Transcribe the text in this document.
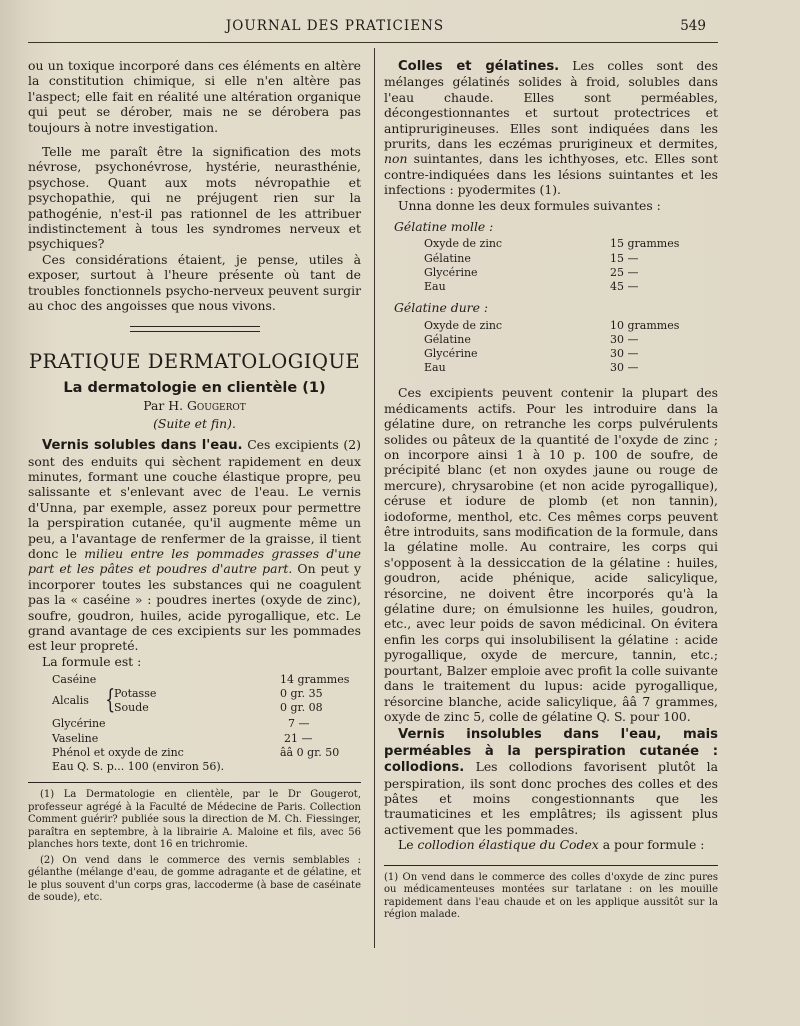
JOURNAL DES PRATICIENS	549

ou un toxique incorporé dans ces éléments en altère la constitution chimique, si elle n'en altère pas l'aspect; elle fait en réalité une altération organique qui peut se dérober, mais ne se dérobera pas toujours à notre investigation.

Telle me paraît être la signification des mots névrose, psychonévrose, hystérie, neurasthénie, psychose. Quant aux mots névropathie et psychopathie, qui ne préjugent rien sur la pathogénie, n'est-il pas rationnel de les attribuer indistinctement à tous les syndromes nerveux et psychiques?

Ces considérations étaient, je pense, utiles à exposer, surtout à l'heure présente où tant de troubles fonctionnels psycho-nerveux peuvent surgir au choc des angoisses que nous vivons.

PRATIQUE DERMATOLOGIQUE
La dermatologie en clientèle (1)
Par H. Gougerot
(Suite et fin).

Vernis solubles dans l'eau. Ces excipients (2) sont des enduits qui sèchent rapidement en deux minutes, formant une couche élastique propre, peu salissante et s'enlevant avec de l'eau. Le vernis d'Unna, par exemple, assez poreux pour permettre la perspiration cutanée, qu'il augmente même un peu, a l'avantage de renfermer de la graisse, il tient donc le milieu entre les pommades grasses d'une part et les pâtes et poudres d'autre part. On peut y incorporer toutes les substances qui ne coagulent pas la « caséine » : poudres inertes (oxyde de zinc), soufre, goudron, huiles, acide pyrogallique, etc. Le grand avantage de ces excipients sur les pommades est leur propreté.

La formule est :

Caséine	14 grammes
Alcalis {
Potasse	0 gr. 35
Soude	0 gr. 08
Glycérine	7 —
Vaseline	21 —
Phénol et oxyde de zinc	ââ 0 gr. 50
Eau Q. S. p... 100 (environ 56).

(1) La Dermatologie en clientèle, par le Dr Gougerot, professeur agrégé à la Faculté de Médecine de Paris. Collection Comment guérir? publiée sous la direction de M. Ch. Fiessinger, paraîtra en septembre, à la librairie A. Maloine et fils, avec 56 planches hors texte, dont 16 en trichromie.

(2) On vend dans le commerce des vernis semblables : gélanthe (mélange d'eau, de gomme adragante et de gélatine, et le plus souvent d'un corps gras, laccoderme (à base de caséinate de soude), etc.

Colles et gélatines. Les colles sont des mélanges gélatinés solides à froid, solubles dans l'eau chaude. Elles sont perméables, décongestionnantes et surtout protectrices et antiprurigineuses. Elles sont indiquées dans les prurits, dans les eczémas prurigineux et dermites, non suintantes, dans les ichthyoses, etc. Elles sont contre-indiquées dans les lésions suintantes et les infections : pyodermites (1).

Unna donne les deux formules suivantes :

Gélatine molle :
Oxyde de zinc	15 grammes
Gélatine	15 —
Glycérine	25 —
Eau	45 —
Gélatine dure :
Oxyde de zinc	10 grammes
Gélatine	30 —
Glycérine	30 —
Eau	30 —

Ces excipients peuvent contenir la plupart des médicaments actifs. Pour les introduire dans la gélatine dure, on retranche les corps pulvérulents solides ou pâteux de la quantité de l'oxyde de zinc ; on incorpore ainsi 1 à 10 p. 100 de soufre, de précipité blanc (et non oxydes jaune ou rouge de mercure), chrysarobine (et non acide pyrogallique), céruse et iodure de plomb (et non tannin), iodoforme, menthol, etc. Ces mêmes corps peuvent être introduits, sans modification de la formule, dans la gélatine molle. Au contraire, les corps qui s'opposent à la dessiccation de la gélatine : huiles, goudron, acide phénique, acide salicylique, résorcine, ne doivent être incorporés qu'à la gélatine dure; on émulsionne les huiles, goudron, etc., avec leur poids de savon médicinal. On évitera enfin les corps qui insolubilisent la gélatine : acide pyrogallique, oxyde de mercure, tannin, etc.; pourtant, Balzer emploie avec profit la colle suivante dans le traitement du lupus: acide pyrogallique, résorcine blanche, acide salicylique, ââ 7 grammes, oxyde de zinc 5, colle de gélatine Q. S. pour 100.

Vernis insolubles dans l'eau, mais perméables à la perspiration cutanée : collodions. Les collodions favorisent plutôt la perspiration, ils sont donc proches des colles et des pâtes et moins congestionnants que les traumaticines et les emplâtres; ils agissent plus activement que les pommades.

Le collodion élastique du Codex a pour formule :

(1) On vend dans le commerce des colles d'oxyde de zinc pures ou médicamenteuses montées sur tarlatane : on les mouille rapidement dans l'eau chaude et on les applique aussitôt sur la région malade.
